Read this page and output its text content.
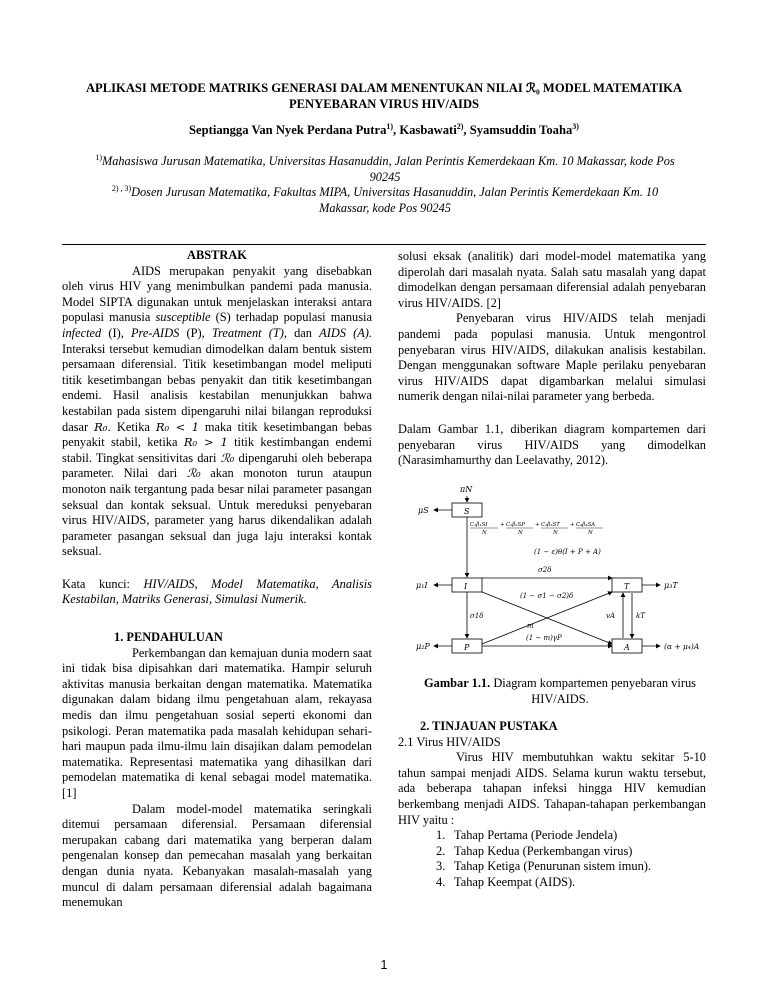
APLIKASI METODE MATRIKS GENERASI DALAM MENENTUKAN NILAI ℛ₀ MODEL MATEMATIKA PENYEBARAN VIRUS HIV/AIDS
Septiangga Van Nyek Perdana Putra$^{1)}$, Kasbawati$^{2)}$, Syamsuddin Toaha$^{3)}$
$^{1)}$Mahasiswa Jurusan Matematika, Universitas Hasanuddin, Jalan Perintis Kemerdekaan Km. 10 Makassar, kode Pos 90245
$^{2) , 3)}$Dosen Jurusan Matematika, Fakultas MIPA, Universitas Hasanuddin, Jalan Perintis Kemerdekaan Km. 10 Makassar, kode Pos 90245

ABSTRAK

AIDS merupakan penyakit yang disebabkan oleh virus HIV yang menimbulkan pandemi pada manusia. Model SIPTA digunakan untuk menjelaskan interaksi antara populasi manusia susceptible (S) terhadap populasi manusia infected (I), Pre-AIDS (P), Treatment (T), dan AIDS (A). Interaksi tersebut kemudian dimodelkan dalam bentuk sistem persamaan diferensial. Titik kesetimbangan model meliputi titik kesetimbangan bebas penyakit dan titik kesetimbangan endemi. Hasil analisis kestabilan menunjukkan bahwa kestabilan pada sistem dipengaruhi nilai bilangan reproduksi dasar R₀. Ketika R₀ < 1 maka titik kesetimbangan bebas penyakit stabil, ketika R₀ > 1 titik kestimbangan endemi stabil. Tingkat sensitivitas dari ℛ₀ dipengaruhi oleh beberapa parameter. Nilai dari ℛ₀ akan monoton turun ataupun monoton naik tergantung pada besar nilai parameter pasangan seksual dan kontak seksual. Untuk mereduksi penyebaran virus HIV/AIDS, parameter yang harus dikendalikan adalah parameter pasangan seksual dan juga laju interaksi kontak seksual.

Kata kunci: HIV/AIDS, Model Matematika, Analisis Kestabilan, Matriks Generasi, Simulasi Numerik.

1. PENDAHULUAN

Perkembangan dan kemajuan dunia modern saat ini tidak bisa dipisahkan dari matematika. Hampir seluruh aktivitas manusia berkaitan dengan matematika. Matematika digunakan dalam bidang ilmu pengetahuan alam, rekayasa medis dan ilmu pengetahuan sosial seperti ekonomi dan psikologi. Peran matematika pada masalah kehidupan sehari-hari maupun pada ilmu-ilmu lain disajikan dalam pemodelan matematika. Representasi matematika yang dihasilkan dari pemodelan matematika di kenal sebagai model matematika.[1]

Dalam model-model matematika seringkali ditemui persamaan diferensial. Persamaan diferensial merupakan cabang dari matematika yang berperan dalam pengenalan konsep dan pemecahan masalah yang berkaitan dengan dunia nyata. Kebanyakan masalah-masalah yang muncul di dalam persamaan diferensial adalah bagaimana menemukan

solusi eksak (analitik) dari model-model matematika yang diperolah dari masalah nyata. Salah satu masalah yang dapat dimodelkan dengan persamaan diferensial adalah penyebaran virus HIV/AIDS. [2]

Penyebaran virus HIV/AIDS telah menjadi pandemi pada populasi manusia. Untuk mengontrol penyebaran virus HIV/AIDS, dilakukan analisis kestabilan. Dengan menggunakan software Maple perilaku penyebaran virus HIV/AIDS dapat digambarkan melalui simulasi numerik dengan nilai-nilai parameter yang berbeda.

Dalam Gambar 1.1, diberikan diagram kompartemen dari penyebaran virus HIV/AIDS yang dimodelkan (Narasimhamurthy dan Leelavathy, 2012).

πN
S
μS
C₁β₁SI + C₂β₂SP + C₃β₃ST + C₄β₄SA
N	N	N	N
(1 − ε)θ(I + P + A)
I
μ₁I	T	μ₃T
σ2δ
(1 − σ1 − σ2)δ
m
σ1δ
P
μ₂P
(1 − m)γP
A	(α + μ₄)A
vA	kT
Gambar 1.1. Diagram kompartemen penyebaran virus HIV/AIDS.

2. TINJAUAN PUSTAKA

2.1 Virus HIV/AIDS

Virus HIV membutuhkan waktu sekitar 5-10 tahun sampai menjadi AIDS. Selama kurun waktu tersebut, ada beberapa tahapan infeksi hingga HIV kemudian berkembang menjadi AIDS. Tahapan-tahapan perkembangan HIV yaitu :

1. Tahap Pertama (Periode Jendela)
2. Tahap Kedua (Perkembangan virus)
3. Tahap Ketiga (Penurunan sistem imun).
4. Tahap Keempat (AIDS).
1
